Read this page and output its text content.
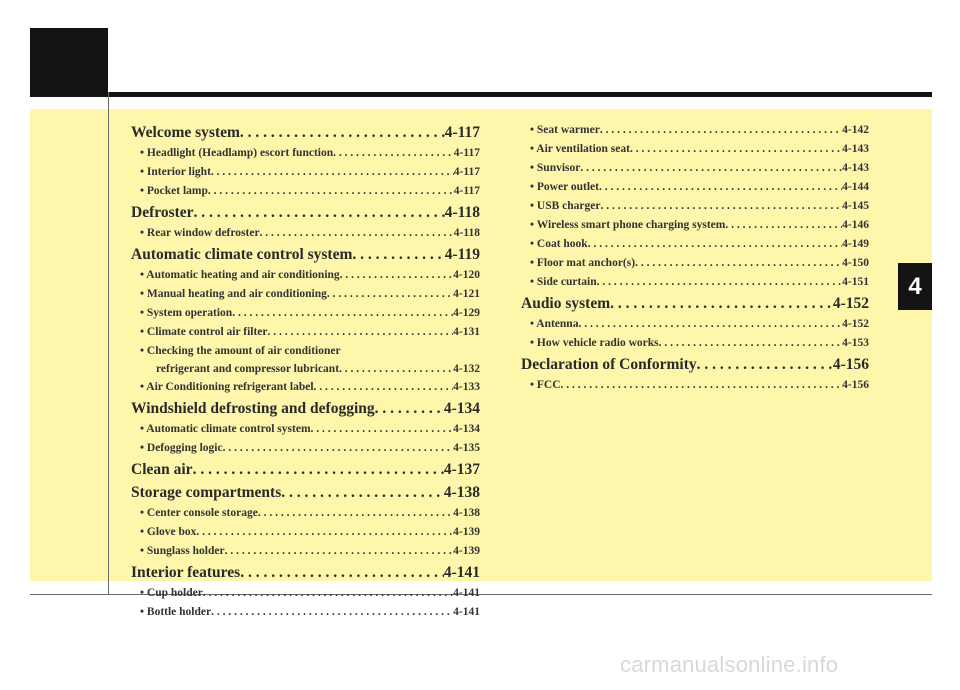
4
Welcome system . . .	4-117
• Headlight (Headlamp) escort function . . .	4-117
• Interior light . . .	4-117
• Pocket lamp . . .	4-117
Defroster . . .	4-118
• Rear window defroster . . .	4-118
Automatic climate control system . . .	4-119
• Automatic heating and air conditioning . . .	4-120
• Manual heating and air conditioning . . .	4-121
• System operation . . .	4-129
• Climate control air filter . . .	4-131
• Checking the amount of air conditioner
refrigerant and compressor lubricant . . .	4-132
• Air Conditioning refrigerant label . . .	4-133
Windshield defrosting and defogging . . .	4-134
• Automatic climate control system . . .	4-134
• Defogging logic . . .	4-135
Clean air . . .	4-137
Storage compartments . . .	4-138
• Center console storage . . .	4-138
• Glove box . . .	4-139
• Sunglass holder . . .	4-139
Interior features . . .	4-141
• Cup holder . . .	4-141
• Bottle holder . . .	4-141
• Seat warmer . . .	4-142
• Air ventilation seat . . .	4-143
• Sunvisor . . .	4-143
• Power outlet . . .	4-144
• USB charger . . .	4-145
• Wireless smart phone charging system . . .	4-146
• Coat hook . . .	4-149
• Floor mat anchor(s) . . .	4-150
• Side curtain . . .	4-151
Audio system . . .	4-152
• Antenna . . .	4-152
• How vehicle radio works . . .	4-153
Declaration of Conformity . . .	4-156
• FCC . . .	4-156
carmanualsonline.info
